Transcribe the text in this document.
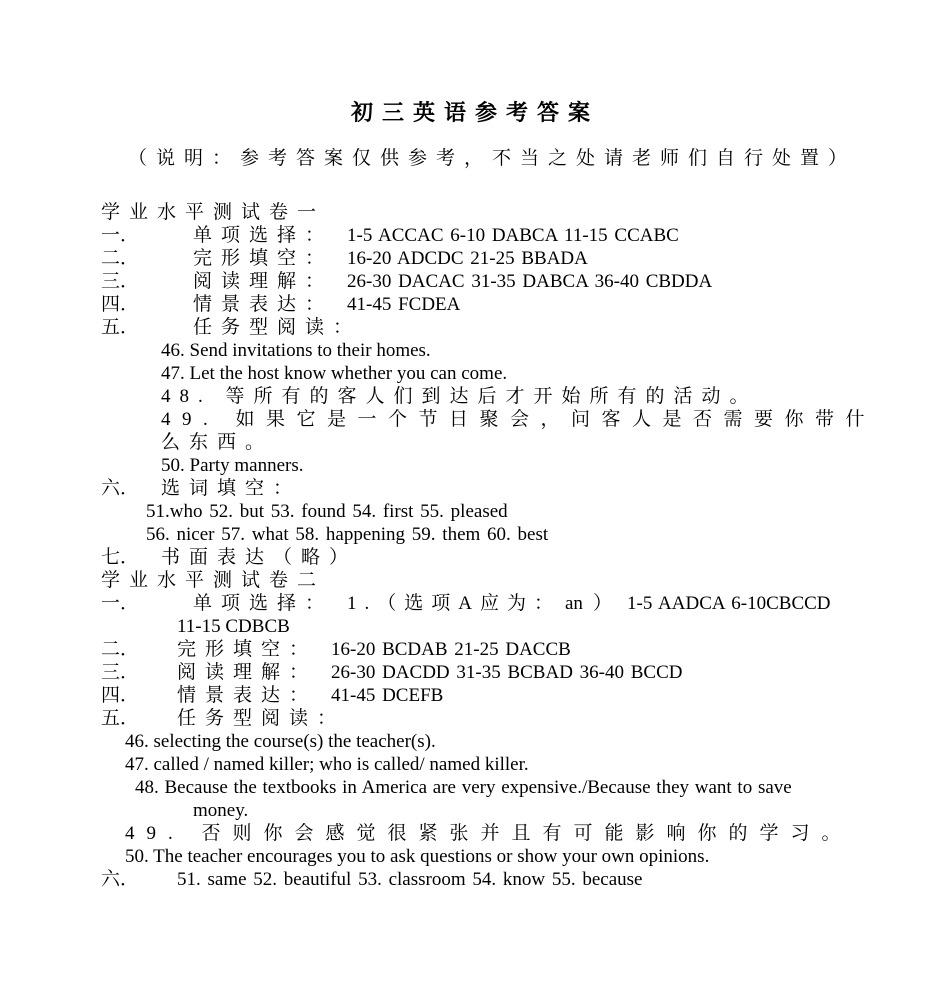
初三英语参考答案
（说明：参考答案仅供参考，不当之处请老师们自行处置）
学业水平测试卷一
一．	单项选择： 1-5 ACCAC 6-10 DABCA 11-15 CCABC
二．	完形填空： 16-20 ADCDC 21-25 BBADA
三．	阅读理解： 26-30 DACAC 31-35 DABCA 36-40 CBDDA
四．	情景表达： 41-45 FCDEA
五．	任务型阅读：
46. Send invitations to their homes.
47. Let the host know whether you can come.
48. 等所有的客人们到达后才开始所有的活动。
49. 如果它是一个节日聚会，问客人是否需要你带什
么东西。
50. Party manners.
六． 选词填空：
51.who 52. but 53. found 54. first 55. pleased
56. nicer 57. what 58. happening 59. them 60. best
七． 书面表达（略）
学业水平测试卷二
一．	单项选择： 1.（选项A应为： an ） 1-5 AADCA 6-10CBCCD
11-15 CDBCB
二． 完形填空： 16-20 BCDAB 21-25 DACCB
三． 阅读理解： 26-30 DACDD 31-35 BCBAD 36-40 BCCD
四． 情景表达： 41-45 DCEFB
五． 任务型阅读：
46. selecting the course(s) the teacher(s).
47. called / named killer; who is called/ named killer.
48. Because the textbooks in America are very expensive./Because they want to save
money.
49. 否则你会感觉很紧张并且有可能影响你的学习。
50. The teacher encourages you to ask questions or show your own opinions.
六． 51. same 52. beautiful 53. classroom 54. know 55. because
